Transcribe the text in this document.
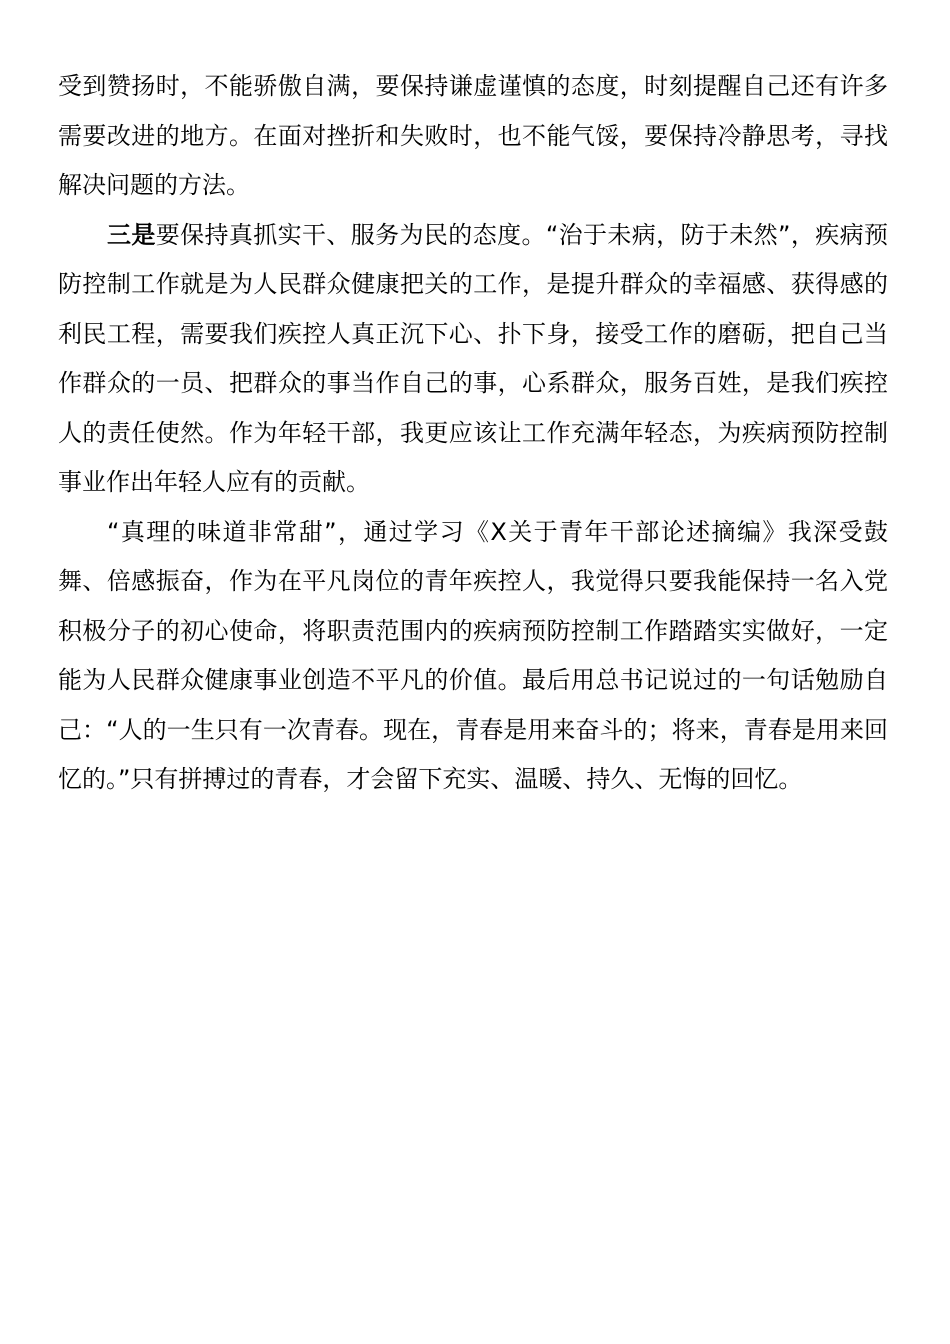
受到赞扬时，不能骄傲自满，要保持谦虚谨慎的态度，时刻提醒自己还有许多需要改进的地方。在面对挫折和失败时，也不能气馁，要保持冷静思考，寻找解决问题的方法。

三是要保持真抓实干、服务为民的态度。“治于未病，防于未然”，疾病预防控制工作就是为人民群众健康把关的工作，是提升群众的幸福感、获得感的利民工程，需要我们疾控人真正沉下心、扑下身，接受工作的磨砺，把自己当作群众的一员、把群众的事当作自己的事，心系群众，服务百姓，是我们疾控人的责任使然。作为年轻干部，我更应该让工作充满年轻态，为疾病预防控制事业作出年轻人应有的贡献。

“真理的味道非常甜”，通过学习《X关于青年干部论述摘编》我深受鼓舞、倍感振奋，作为在平凡岗位的青年疾控人，我觉得只要我能保持一名入党积极分子的初心使命，将职责范围内的疾病预防控制工作踏踏实实做好，一定能为人民群众健康事业创造不平凡的价值。最后用总书记说过的一句话勉励自己：“人的一生只有一次青春。现在，青春是用来奋斗的；将来，青春是用来回忆的。”只有拼搏过的青春，才会留下充实、温暖、持久、无悔的回忆。
